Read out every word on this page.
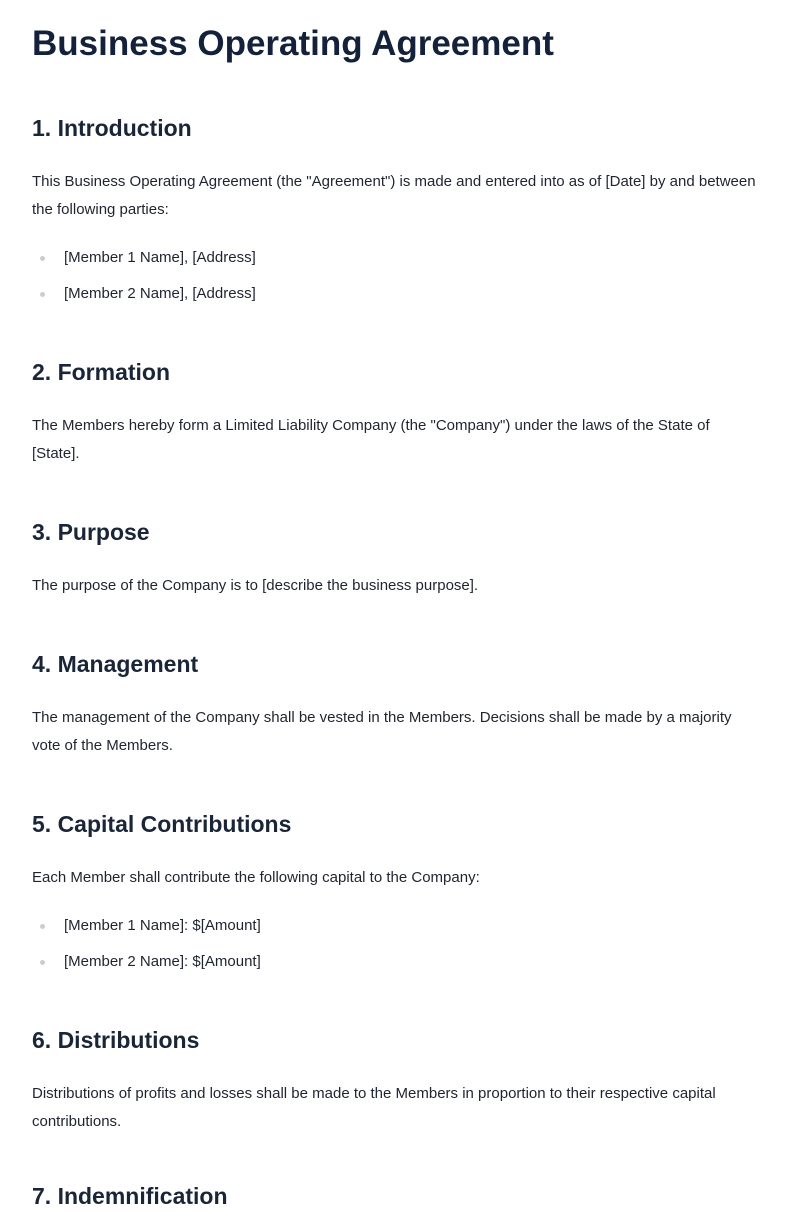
Business Operating Agreement
1. Introduction

This Business Operating Agreement (the "Agreement") is made and entered into as of [Date] by and between the following parties:

[Member 1 Name], [Address]
[Member 2 Name], [Address]
2. Formation

The Members hereby form a Limited Liability Company (the "Company") under the laws of the State of [State].

3. Purpose

The purpose of the Company is to [describe the business purpose].

4. Management

The management of the Company shall be vested in the Members. Decisions shall be made by a majority vote of the Members.

5. Capital Contributions

Each Member shall contribute the following capital to the Company:

[Member 1 Name]: $[Amount]
[Member 2 Name]: $[Amount]
6. Distributions

Distributions of profits and losses shall be made to the Members in proportion to their respective capital contributions.

7. Indemnification
